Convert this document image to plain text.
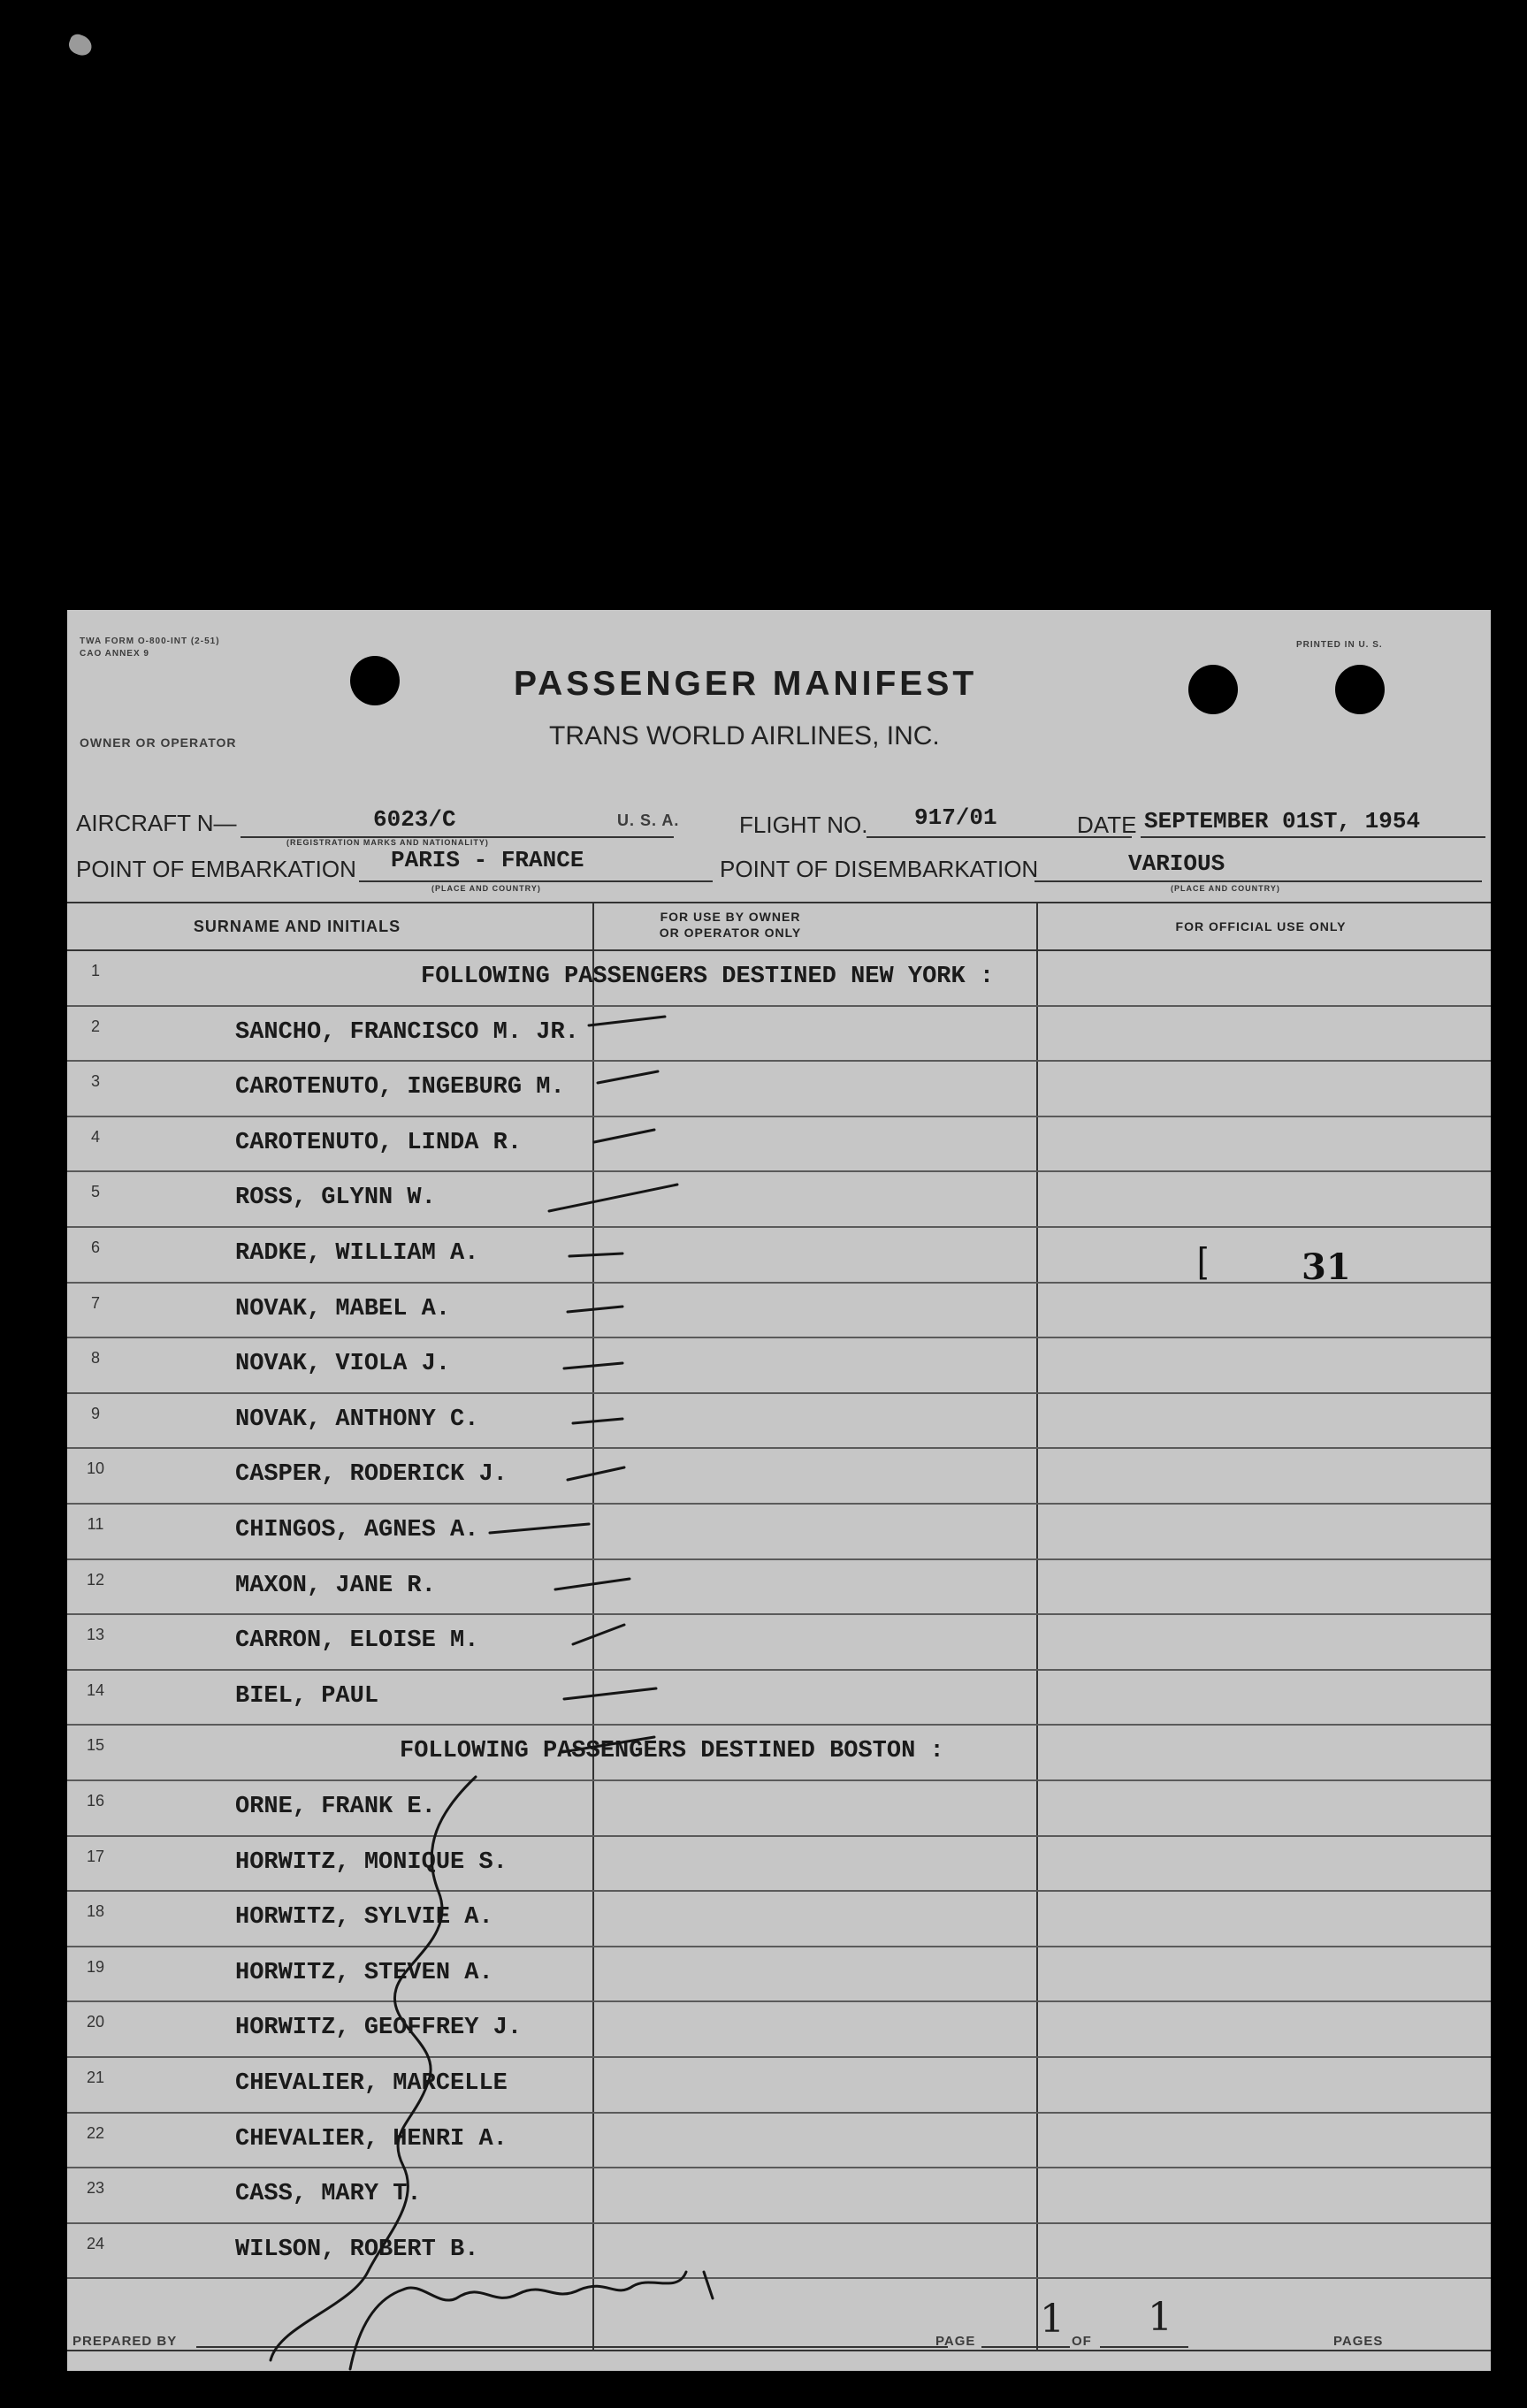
TWA FORM O-800-INT (2-51)
CAO ANNEX 9
PRINTED IN U. S.
PASSENGER MANIFEST
TRANS WORLD AIRLINES, INC.
OWNER OR OPERATOR
AIRCRAFT N—	6023/C
(REGISTRATION MARKS AND NATIONALITY)
U. S. A.	FLIGHT NO. 917/01	DATE SEPTEMBER 01ST, 1954
POINT OF EMBARKATION PARIS - FRANCE
(PLACE AND COUNTRY)
POINT OF DISEMBARKATION	VARIOUS
(PLACE AND COUNTRY)
SURNAME AND INITIALS
FOR USE BY OWNER
OR OPERATOR ONLY	FOR OFFICIAL USE ONLY
1	FOLLOWING PASSENGERS DESTINED NEW YORK :
2	SANCHO, FRANCISCO M. JR.
3	CAROTENUTO, INGEBURG M.
4	CAROTENUTO, LINDA R.
5	ROSS, GLYNN W.
6	RADKE, WILLIAM A.
7	NOVAK, MABEL A.
8	NOVAK, VIOLA J.
9	NOVAK, ANTHONY C.
10	CASPER, RODERICK J.
11	CHINGOS, AGNES A.
12	MAXON, JANE R.
13	CARRON, ELOISE M.
14	BIEL, PAUL
15	FOLLOWING PASSENGERS DESTINED BOSTON :
16	ORNE, FRANK E.
17	HORWITZ, MONIQUE S.
18	HORWITZ, SYLVIE A.
19	HORWITZ, STEVEN A.
20	HORWITZ, GEOFFREY J.
21	CHEVALIER, MARCELLE
22	CHEVALIER, HENRI A.
23	CASS, MARY T.
24	WILSON, ROBERT B.
[	31
PREPARED BY	PAGE 1 OF
1
PAGES
